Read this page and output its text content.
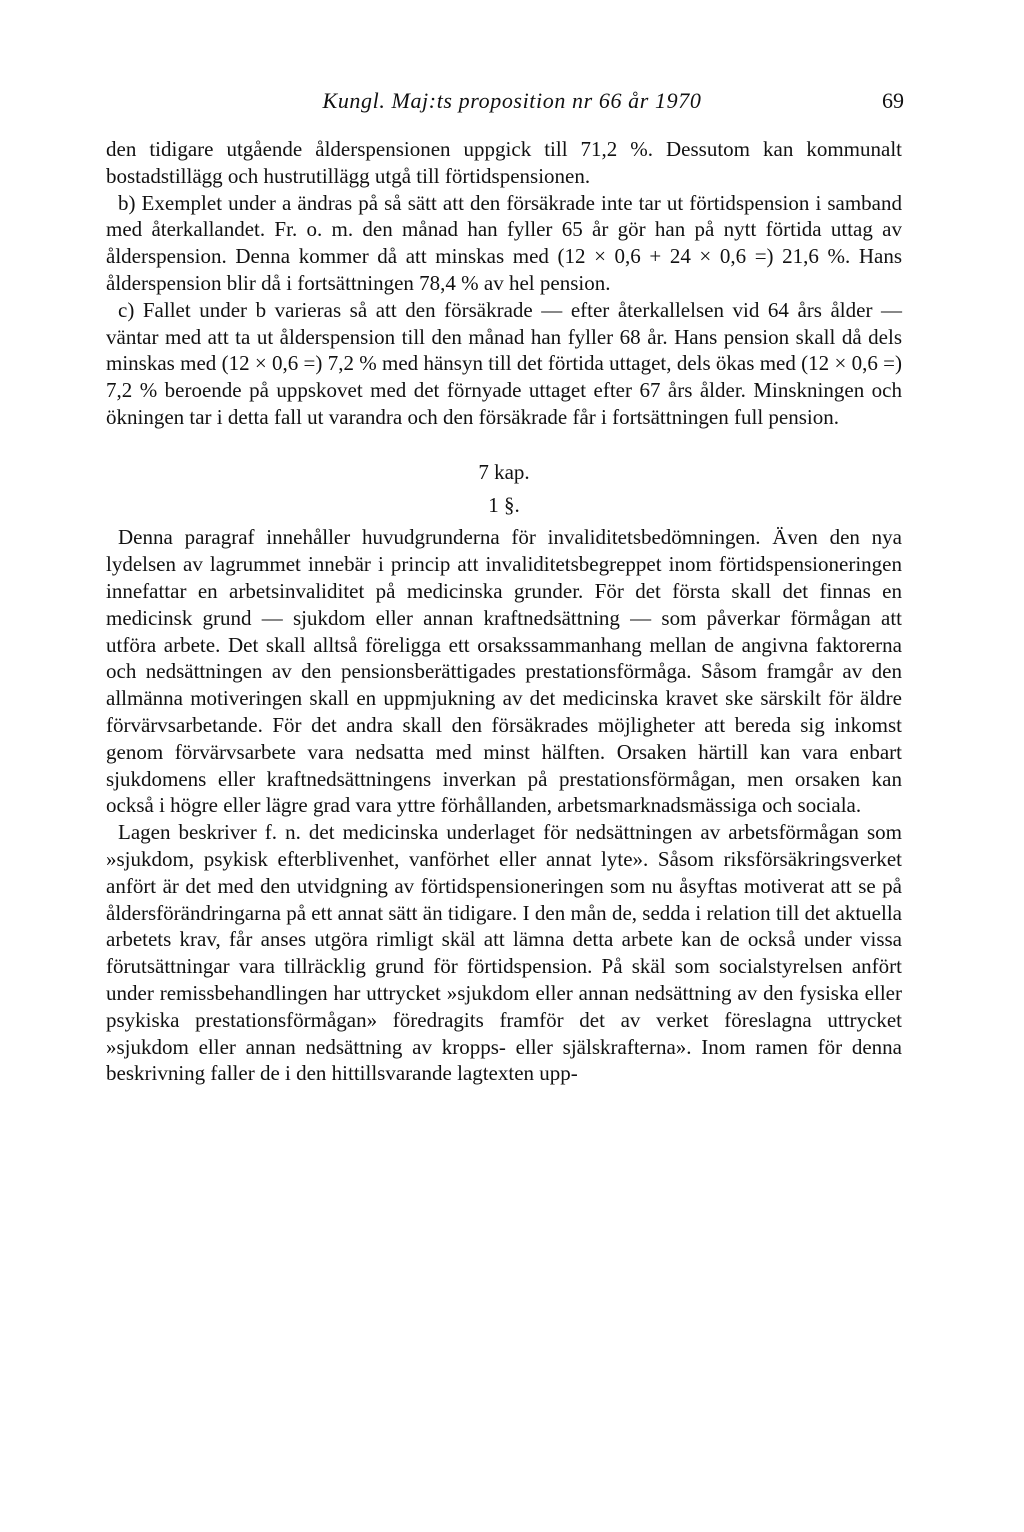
Kungl. Maj:ts proposition nr 66 år 1970	69

den tidigare utgående ålderspensionen uppgick till 71,2 %. Dessutom kan kommunalt bostadstillägg och hustrutillägg utgå till förtidspensionen.

b) Exemplet under a ändras på så sätt att den försäkrade inte tar ut förtidspension i samband med återkallandet. Fr. o. m. den månad han fyller 65 år gör han på nytt förtida uttag av ålderspension. Denna kommer då att minskas med (12 × 0,6 + 24 × 0,6 =) 21,6 %. Hans ålderspension blir då i fortsättningen 78,4 % av hel pension.

c) Fallet under b varieras så att den försäkrade — efter återkallelsen vid 64 års ålder — väntar med att ta ut ålderspension till den månad han fyller 68 år. Hans pension skall då dels minskas med (12 × 0,6 =) 7,2 % med hänsyn till det förtida uttaget, dels ökas med (12 × 0,6 =) 7,2 % beroende på uppskovet med det förnyade uttaget efter 67 års ålder. Minskningen och ökningen tar i detta fall ut varandra och den försäkrade får i fortsättningen full pension.

7 kap.
1 §.

Denna paragraf innehåller huvudgrunderna för invaliditetsbedömningen. Även den nya lydelsen av lagrummet innebär i princip att invaliditetsbegreppet inom förtidspensioneringen innefattar en arbetsinvaliditet på medicinska grunder. För det första skall det finnas en medicinsk grund — sjukdom eller annan kraftnedsättning — som påverkar förmågan att utföra arbete. Det skall alltså föreligga ett orsakssammanhang mellan de angivna faktorerna och nedsättningen av den pensionsberättigades prestationsförmåga. Såsom framgår av den allmänna motiveringen skall en uppmjukning av det medicinska kravet ske särskilt för äldre förvärvsarbetande. För det andra skall den försäkrades möjligheter att bereda sig inkomst genom förvärvsarbete vara nedsatta med minst hälften. Orsaken härtill kan vara enbart sjukdomens eller kraftnedsättningens inverkan på prestationsförmågan, men orsaken kan också i högre eller lägre grad vara yttre förhållanden, arbetsmarknadsmässiga och sociala.

Lagen beskriver f. n. det medicinska underlaget för nedsättningen av arbetsförmågan som »sjukdom, psykisk efterblivenhet, vanförhet eller annat lyte». Såsom riksförsäkringsverket anfört är det med den utvidgning av förtidspensioneringen som nu åsyftas motiverat att se på åldersförändringarna på ett annat sätt än tidigare. I den mån de, sedda i relation till det aktuella arbetets krav, får anses utgöra rimligt skäl att lämna detta arbete kan de också under vissa förutsättningar vara tillräcklig grund för förtidspension. På skäl som socialstyrelsen anfört under remissbehandlingen har uttrycket »sjukdom eller annan nedsättning av den fysiska eller psykiska prestationsförmågan» föredragits framför det av verket föreslagna uttrycket »sjukdom eller annan nedsättning av kropps- eller själskrafterna». Inom ramen för denna beskrivning faller de i den hittillsvarande lagtexten upp-
